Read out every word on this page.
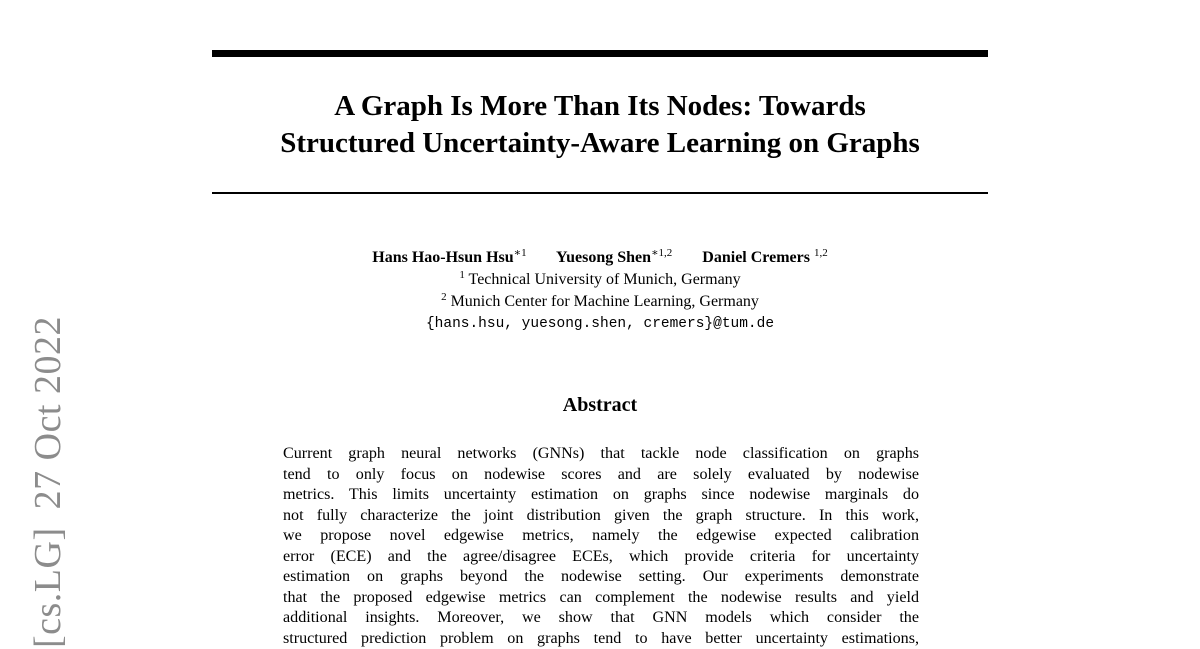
A Graph Is More Than Its Nodes: Towards
Structured Uncertainty-Aware Learning on Graphs
Hans Hao-Hsun Hsu$^{∗1}$ Yuesong Shen$^{∗1,2}$ Daniel Cremers $^{1,2}$
$^1$ Technical University of Munich, Germany
$^2$ Munich Center for Machine Learning, Germany
{hans.hsu, yuesong.shen, cremers}@tum.de
Abstract
Current graph neural networks (GNNs) that tackle node classification on graphs
tend to only focus on nodewise scores and are solely evaluated by nodewise
metrics. This limits uncertainty estimation on graphs since nodewise marginals do
not fully characterize the joint distribution given the graph structure. In this work,
we propose novel edgewise metrics, namely the edgewise expected calibration
error (ECE) and the agree/disagree ECEs, which provide criteria for uncertainty
estimation on graphs beyond the nodewise setting. Our experiments demonstrate
that the proposed edgewise metrics can complement the nodewise results and yield
additional insights. Moreover, we show that GNN models which consider the
structured prediction problem on graphs tend to have better uncertainty estimations,
[cs.LG]27 Oct 2022
